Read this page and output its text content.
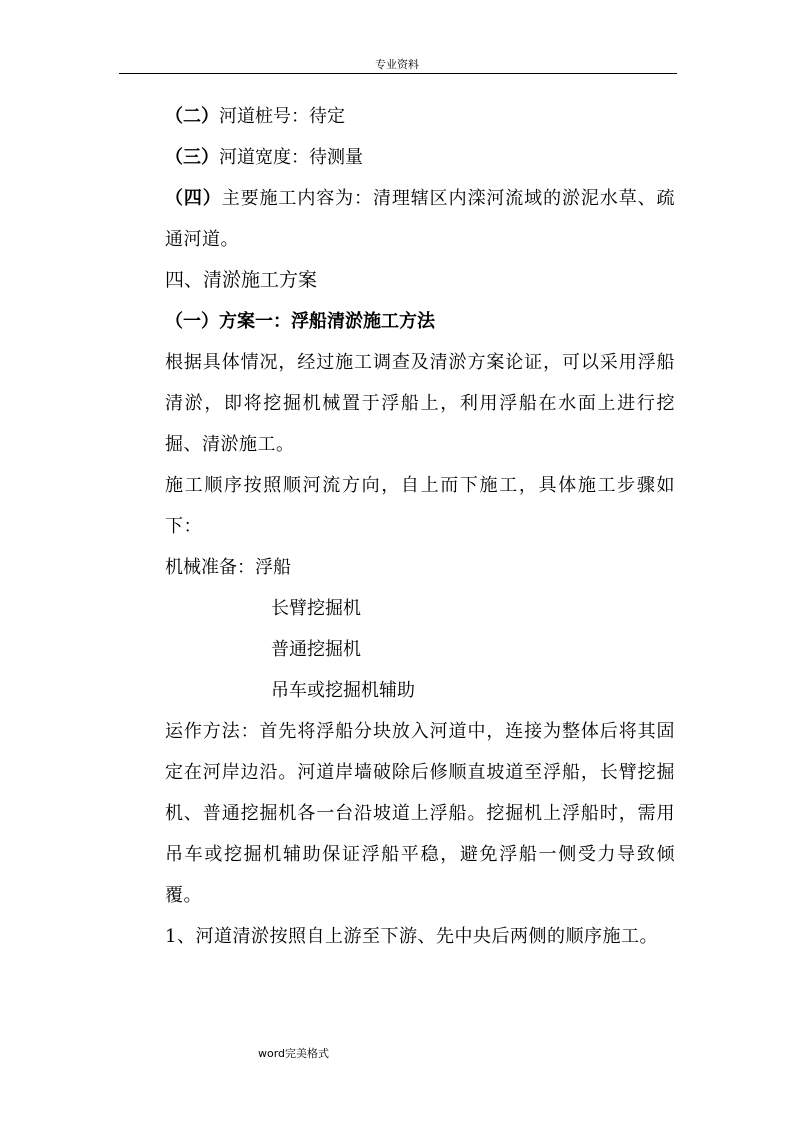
专业资料

（二）河道桩号：待定

（三）河道宽度：待测量

（四）主要施工内容为：清理辖区内滦河流域的淤泥水草、疏通河道。

四、清淤施工方案

（一）方案一：浮船清淤施工方法

根据具体情况，经过施工调查及清淤方案论证，可以采用浮船清淤，即将挖掘机械置于浮船上，利用浮船在水面上进行挖掘、清淤施工。

施工顺序按照顺河流方向，自上而下施工，具体施工步骤如下：

机械准备：浮船

长臂挖掘机

普通挖掘机

吊车或挖掘机辅助

运作方法：首先将浮船分块放入河道中，连接为整体后将其固定在河岸边沿。河道岸墙破除后修顺直坡道至浮船，长臂挖掘机、普通挖掘机各一台沿坡道上浮船。挖掘机上浮船时，需用吊车或挖掘机辅助保证浮船平稳，避免浮船一侧受力导致倾覆。

1、河道清淤按照自上游至下游、先中央后两侧的顺序施工。

word完美格式
